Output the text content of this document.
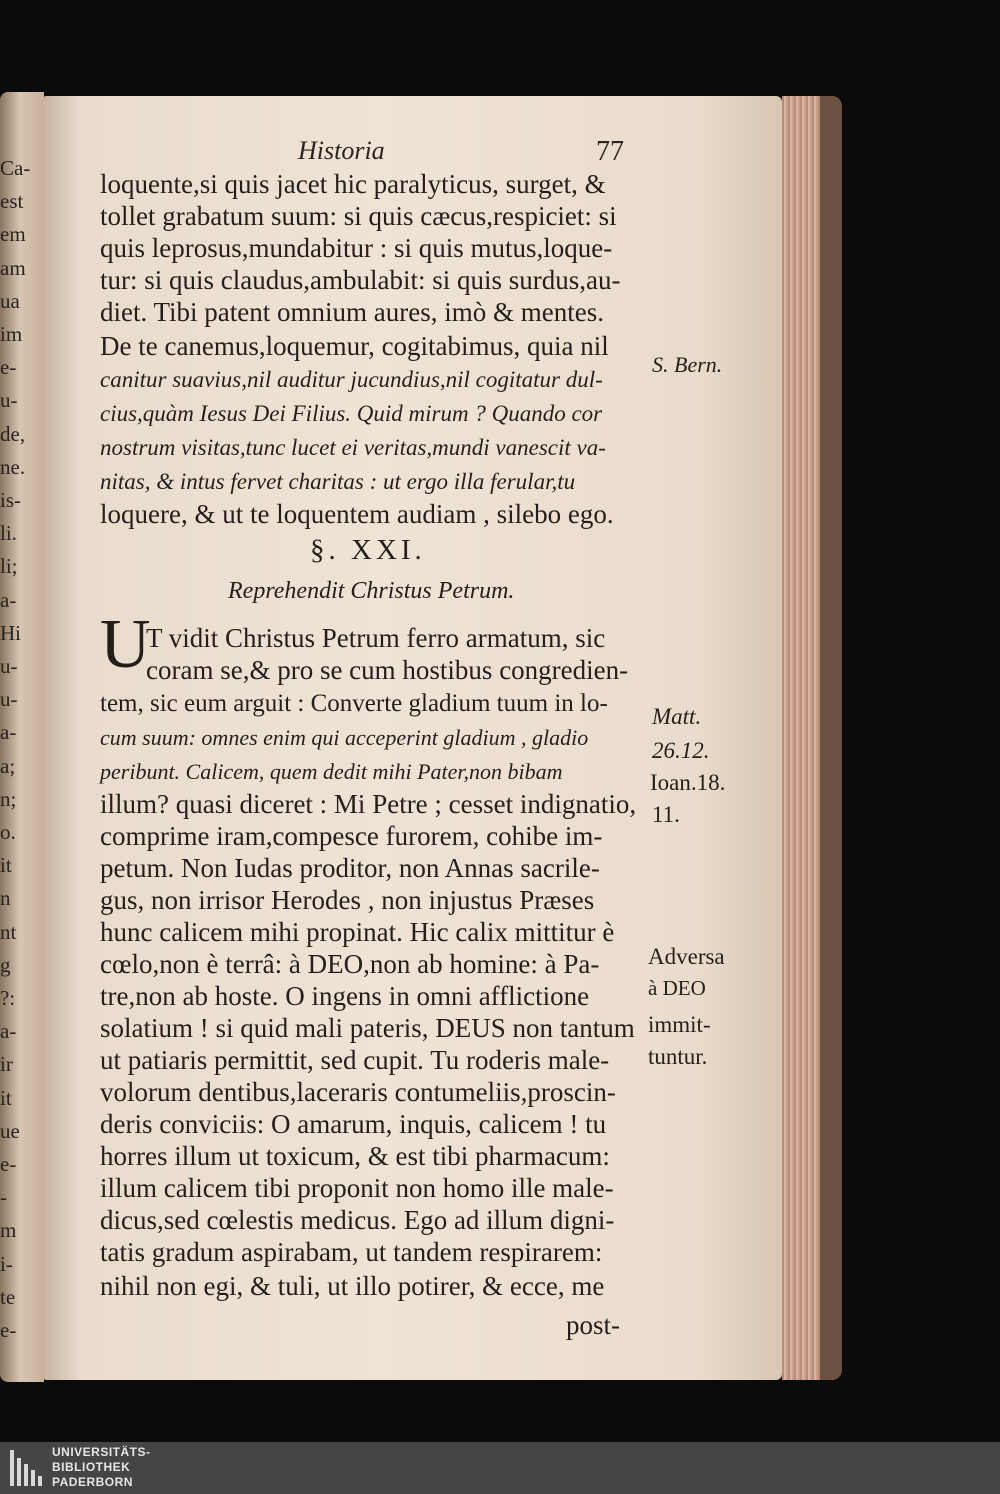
Ca-
est
em
am
ua
im
e-
u-
de,
ne.
is-
li.
li;
a-
Hi
u-
u-
a-
a;
n;
o.
it
n
nt
g
?:
a-
ir
it
ue
e-
-
m
i-
te
e-
Historia	77
loquente,si quis jacet hic paralyticus, surget, &
tollet grabatum suum: si quis cæcus,respiciet: si
quis leprosus,mundabitur : si quis mutus,loque-
tur: si quis claudus,ambulabit: si quis surdus,au-
diet. Tibi patent omnium aures, imò & mentes.
De te canemus,loquemur, cogitabimus, quia nil
canitur suavius,nil auditur jucundius,nil cogitatur dul-
cius,quàm Iesus Dei Filius. Quid mirum ? Quando cor
nostrum visitas,tunc lucet ei veritas,mundi vanescit va-
nitas, & intus fervet charitas : ut ergo illa ferular,tu
loquere, & ut te loquentem audiam , silebo ego.
§. XXI.
Reprehendit Christus Petrum.
U
T vidit Christus Petrum ferro armatum, sic
coram se,& pro se cum hostibus congredien-
tem, sic eum arguit : Converte gladium tuum in lo-
cum suum: omnes enim qui acceperint gladium , gladio
peribunt. Calicem, quem dedit mihi Pater,non bibam
illum? quasi diceret : Mi Petre ; cesset indignatio,
comprime iram,compesce furorem, cohibe im-
petum. Non Iudas proditor, non Annas sacrile-
gus, non irrisor Herodes , non injustus Præses
hunc calicem mihi propinat. Hic calix mittitur è
cœlo,non è terrâ: à DEO,non ab homine: à Pa-
tre,non ab hoste. O ingens in omni afflictione
solatium ! si quid mali pateris, DEUS non tantum
ut patiaris permittit, sed cupit. Tu roderis male-
volorum dentibus,laceraris contumeliis,proscin-
deris conviciis: O amarum, inquis, calicem ! tu
horres illum ut toxicum, & est tibi pharmacum:
illum calicem tibi proponit non homo ille male-
dicus,sed cœlestis medicus. Ego ad illum digni-
tatis gradum aspirabam, ut tandem respirarem:
nihil non egi, & tuli, ut illo potirer, & ecce, me
post-
S. Bern.
Matt.
26.12.
Ioan.18.
11.
Adversa
à DEO
immit-
tuntur.
UNIVERSITÄTS-
BIBLIOTHEK
PADERBORN
